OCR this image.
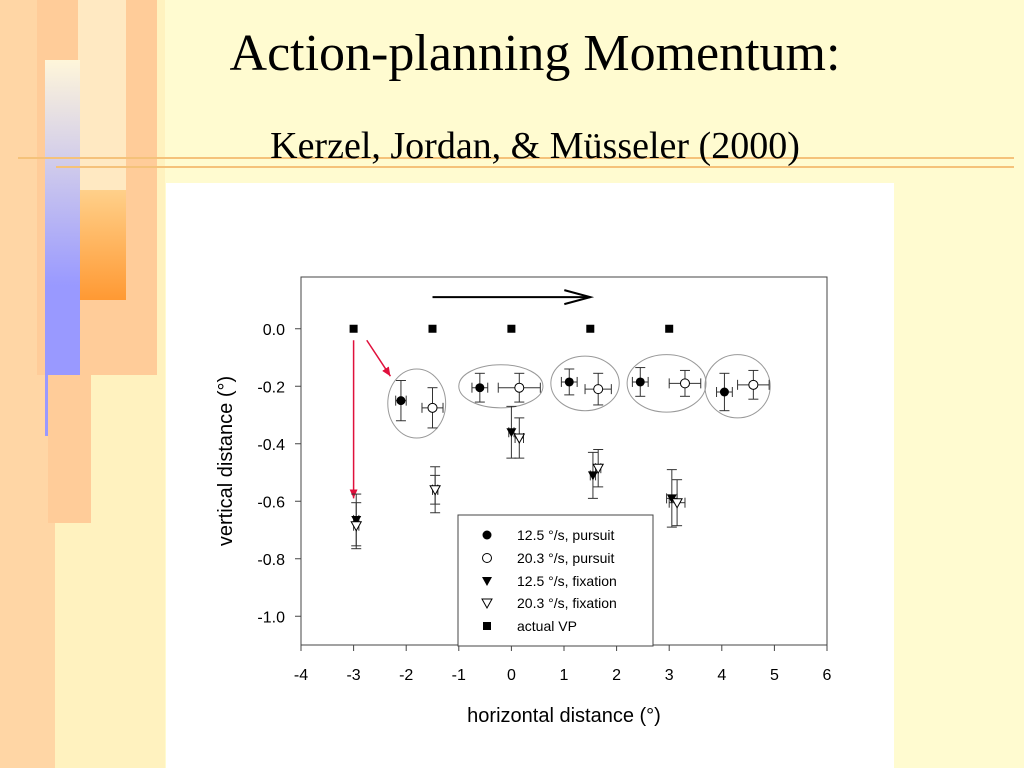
Action-planning Momentum:
Kerzel, Jordan, & Müsseler (2000)
-4 -3 -2 -1	0	1	2	3	4	5	6
0.0
-0.2
-0.4
-0.6
-0.8
-1.0
horizontal distance (°)
vertical distance (°)	12.5 °/s, pursuit
20.3 °/s, pursuit
12.5 °/s, fixation
20.3 °/s, fixation
actual VP
